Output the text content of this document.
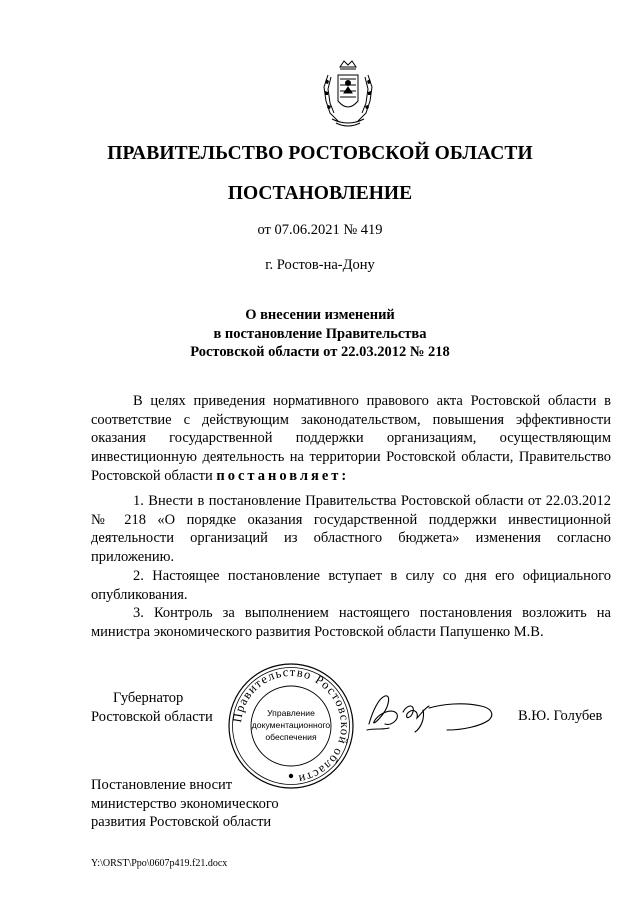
ПРАВИТЕЛЬСТВО РОСТОВСКОЙ ОБЛАСТИ
ПОСТАНОВЛЕНИЕ
от 07.06.2021 № 419
г. Ростов-на-Дону
О внесении изменений
в постановление Правительства
Ростовской области от 22.03.2012 № 218

В целях приведения нормативного правового акта Ростовской области в соответствие с действующим законодательством, повышения эффективности оказания государственной поддержки организациям, осуществляющим инвестиционную деятельность на территории Ростовской области, Правительство Ростовской области постановляет:

1. Внести в постановление Правительства Ростовской области от 22.03.2012 № 218 «О порядке оказания государственной поддержки инвестиционной деятельности организаций из областного бюджета» изменения согласно приложению.

2. Настоящее постановление вступает в силу со дня его официального опубликования.

3. Контроль за выполнением настоящего постановления возложить на министра экономического развития Ростовской области Папушенко М.В.

Губернатор
Ростовской области Правительство Ростовской области
Управление
документационного
обеспечения
В.Ю. Голубев
Постановление вносит
министерство экономического
развития Ростовской области
Y:\ORST\Ppo\0607p419.f21.docx
